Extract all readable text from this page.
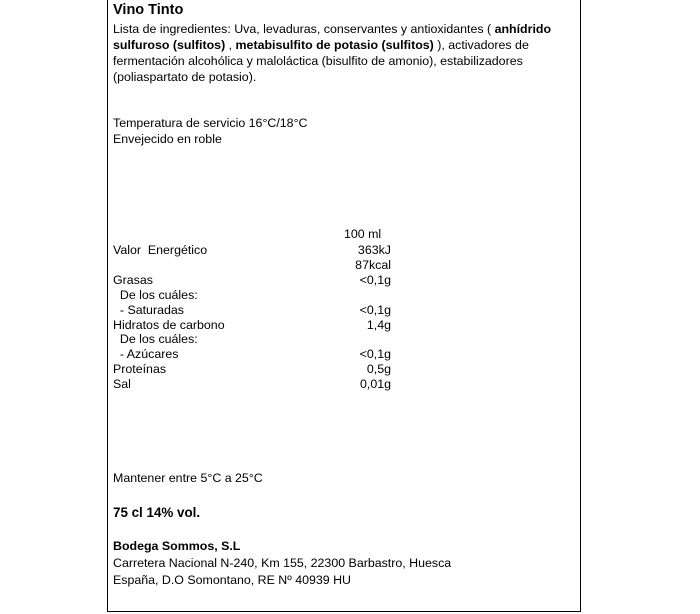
Vino Tinto
Lista de ingredientes: Uva, levaduras, conservantes y antioxidantes ( anhídrido sulfuroso (sulfitos) , metabisulfito de potasio (sulfitos) ), activadores de fermentación alcohólica y maloláctica (bisulfito de amonio), estabilizadores (poliaspartato de potasio).
Temperatura de servicio 16°C/18°C
Envejecido en roble
100 ml
Valor  Energético	363kJ
87kcal
Grasas	<0,1g
De los cuáles:
- Saturadas	<0,1g
Hidratos de carbono	1,4g
De los cuáles:
- Azúcares	<0,1g
Proteínas	0,5g
Sal	0,01g
Mantener entre 5°C a 25°C
75 cl 14% vol.
Bodega Sommos, S.L
Carretera Nacional N-240, Km 155, 22300 Barbastro, Huesca
España, D.O Somontano, RE Nº 40939 HU
